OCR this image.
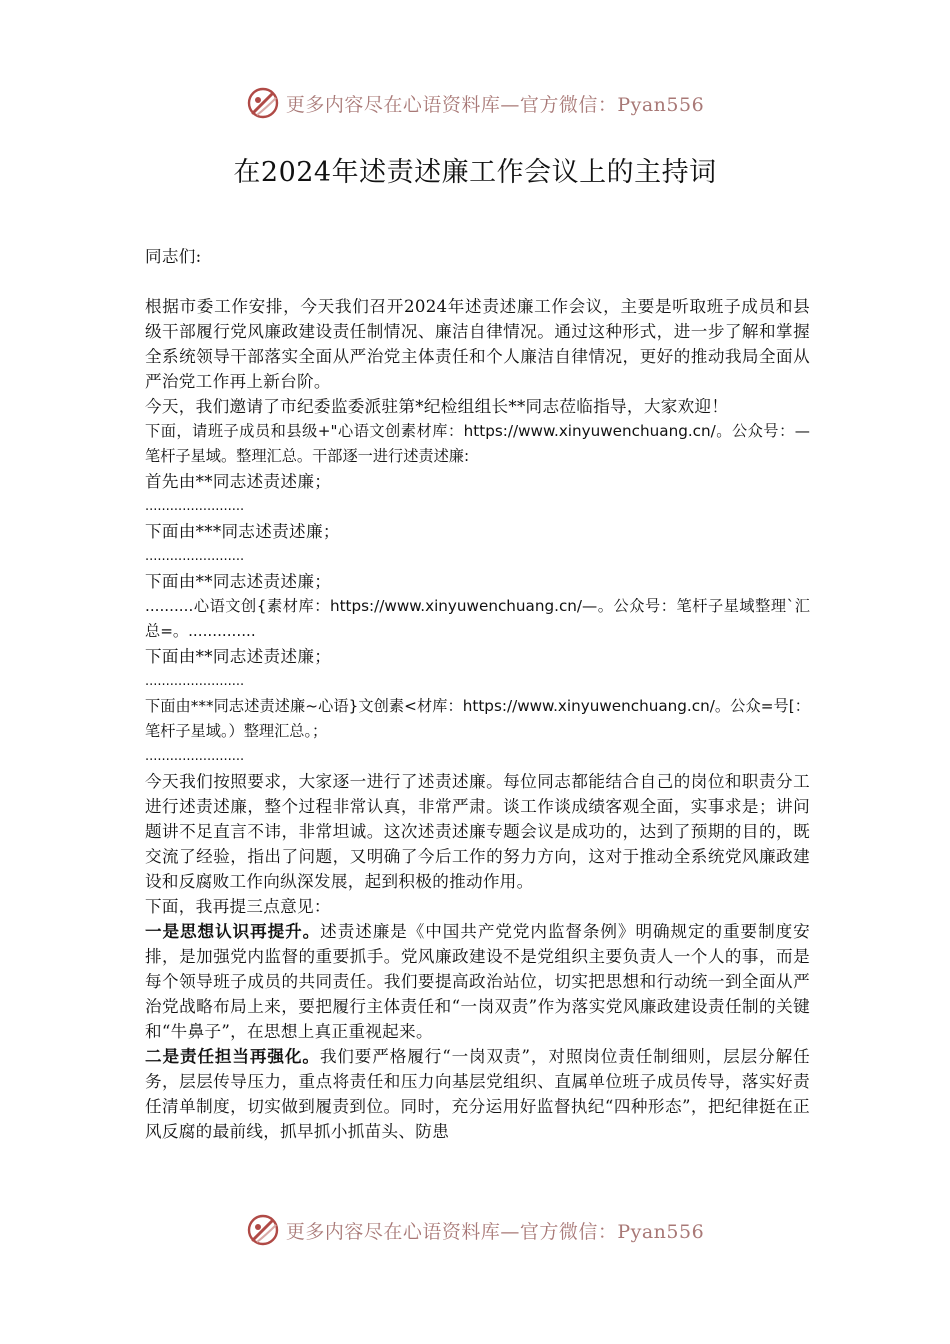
更多内容尽在心语资料库—官方微信：Pyan556
在2024年述责述廉工作会议上的主持词

同志们:

根据市委工作安排，今天我们召开2024年述责述廉工作会议，主要是听取班子成员和县级干部履行党风廉政建设责任制情况、廉洁自律情况。通过这种形式，进一步了解和掌握全系统领导干部落实全面从严治党主体责任和个人廉洁自律情况，更好的推动我局全面从严治党工作再上新台阶。

今天，我们邀请了市纪委监委派驻第*纪检组组长**同志莅临指导，大家欢迎！

下面，请班子成员和县级+"心语文创素材库：https://www.xinyuwenchuang.cn/。公众号：—笔杆子星域。整理汇总。干部逐一进行述责述廉:

首先由**同志述责述廉；

........................

下面由***同志述责述廉；

........................

下面由**同志述责述廉；

..........心语文创{素材库：https://www.xinyuwenchuang.cn/—。公众号：笔杆子星域整理`汇总=。..............

下面由**同志述责述廉；

........................

下面由***同志述责述廉~心语}文创素<材库：https://www.xinyuwenchuang.cn/。公众=号[：笔杆子星域。）整理汇总。；

........................

今天我们按照要求，大家逐一进行了述责述廉。每位同志都能结合自己的岗位和职责分工进行述责述廉，整个过程非常认真，非常严肃。谈工作谈成绩客观全面，实事求是；讲问题讲不足直言不讳，非常坦诚。这次述责述廉专题会议是成功的，达到了预期的目的，既交流了经验，指出了问题，又明确了今后工作的努力方向，这对于推动全系统党风廉政建设和反腐败工作向纵深发展，起到积极的推动作用。

下面，我再提三点意见：

一是思想认识再提升。述责述廉是《中国共产党党内监督条例》明确规定的重要制度安排，是加强党内监督的重要抓手。党风廉政建设不是党组织主要负责人一个人的事，而是每个领导班子成员的共同责任。我们要提高政治站位，切实把思想和行动统一到全面从严治党战略布局上来，要把履行主体责任和“一岗双责”作为落实党风廉政建设责任制的关键和“牛鼻子”，在思想上真正重视起来。

二是责任担当再强化。我们要严格履行“一岗双责”，对照岗位责任制细则，层层分解任务，层层传导压力，重点将责任和压力向基层党组织、直属单位班子成员传导，落实好责任清单制度，切实做到履责到位。同时，充分运用好监督执纪“四种形态”，把纪律挺在正风反腐的最前线，抓早抓小抓苗头、防患

更多内容尽在心语资料库—官方微信：Pyan556
